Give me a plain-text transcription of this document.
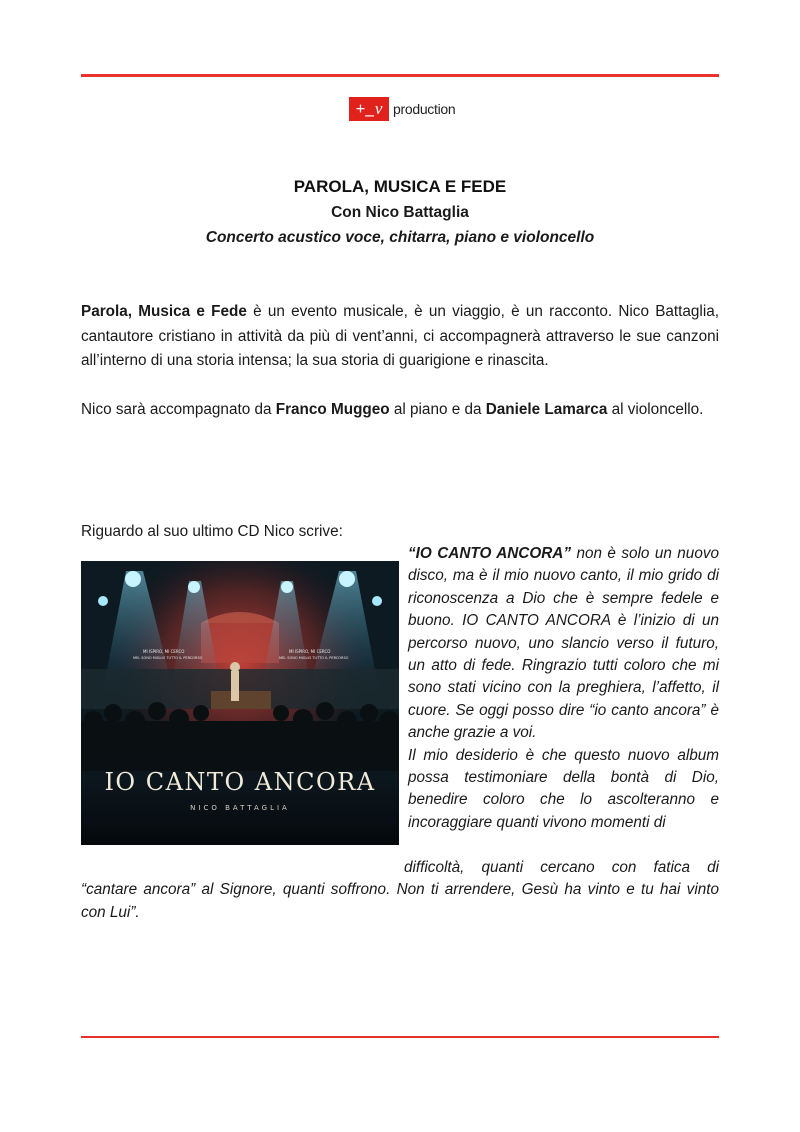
+_ v production

PAROLA, MUSICA E FEDE

Con Nico Battaglia

Concerto acustico voce, chitarra, piano e violoncello

Parola, Musica e Fede è un evento musicale, è un viaggio, è un racconto. Nico Battaglia, cantautore cristiano in attività da più di vent’anni, ci accompagnerà attraverso le sue canzoni all’interno di una storia intensa; la sua storia di guarigione e rinascita.

Nico sarà accompagnato da Franco Muggeo al piano e da Daniele Lamarca al violoncello.

Riguardo al suo ultimo CD Nico scrive:

MI ISPIRO, MI CERCO
MEL SONO MIGLIO TUTTO IL PERCORSO
MI ISPIRO, MI CERCO
MEL SONO MIGLIO TUTTO IL PERCORSO
IO CANTO ANCORA
NICO BATTAGLIA

“IO CANTO ANCORA” non è solo un nuovo disco, ma è il mio nuovo canto, il mio grido di riconoscenza a Dio che è sempre fedele e buono. IO CANTO ANCORA è l’inizio di un percorso nuovo, uno slancio verso il futuro, un atto di fede. Ringrazio tutti coloro che mi sono stati vicino con la preghiera, l’affetto, il cuore. Se oggi posso dire “io canto ancora” è anche grazie a voi.
Il mio desiderio è che questo nuovo album possa testimoniare della bontà di Dio, benedire coloro che lo ascolteranno e incoraggiare quanti vivono momenti di

difficoltà, quanti cercano con fatica di
“cantare ancora” al Signore, quanti soffrono. Non ti arrendere, Gesù ha vinto e tu hai vinto
con Lui”.
